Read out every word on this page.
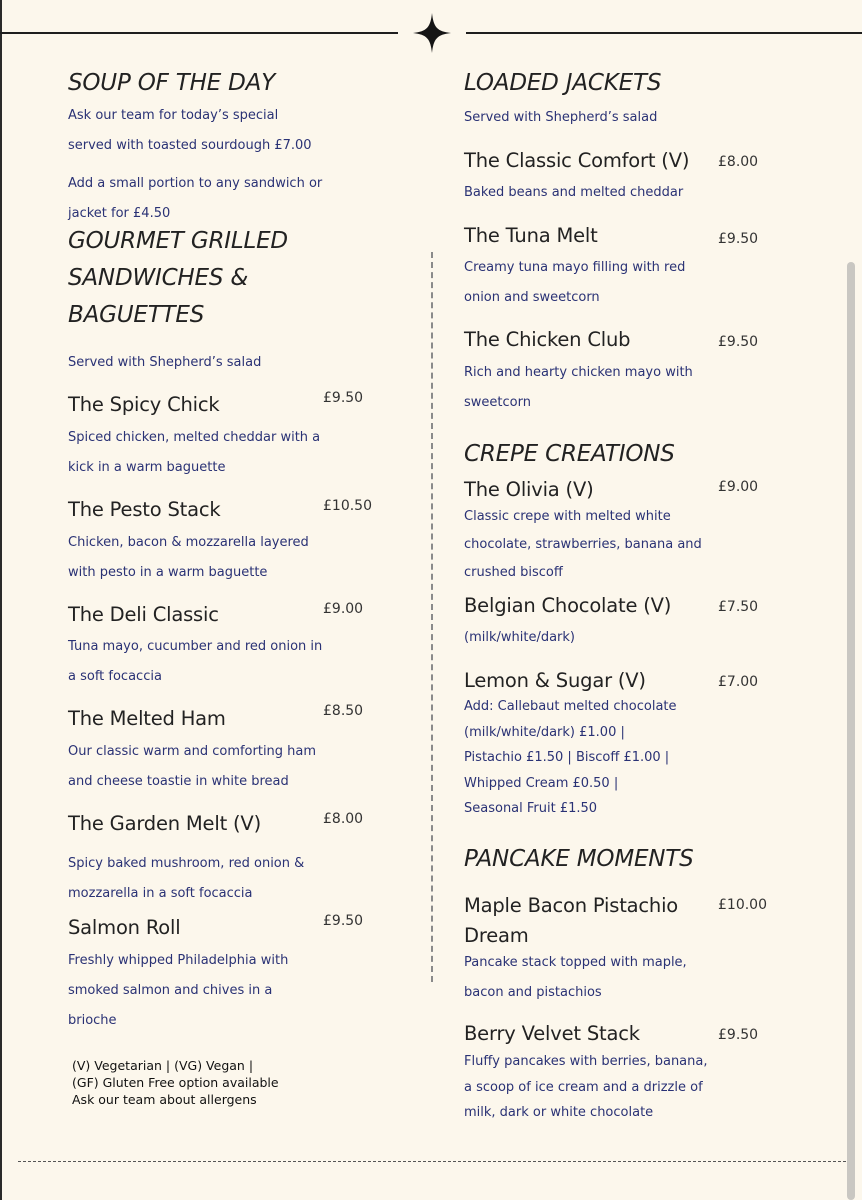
SOUP OF THE DAY

Ask our team for today’s special served with toasted sourdough £7.00

Add a small portion to any sandwich or jacket for £4.50

GOURMET GRILLED
SANDWICHES &
BAGUETTES

Served with Shepherd’s salad

The Spicy Chick	£9.50

Spiced chicken, melted cheddar with a kick in a warm baguette

The Pesto Stack	£10.50

Chicken, bacon & mozzarella layered with pesto in a warm baguette

The Deli Classic	£9.00

Tuna mayo, cucumber and red onion in a soft focaccia

The Melted Ham	£8.50

Our classic warm and comforting ham and cheese toastie in white bread

The Garden Melt (V)	£8.00

Spicy baked mushroom, red onion & mozzarella in a soft focaccia

Salmon Roll	£9.50

Freshly whipped Philadelphia with smoked salmon and chives in a brioche

(V) Vegetarian | (VG) Vegan |
(GF) Gluten Free option available
Ask our team about allergens
LOADED JACKETS

Served with Shepherd’s salad

The Classic Comfort (V) £8.00

Baked beans and melted cheddar

The Tuna Melt	£9.50

Creamy tuna mayo filling with red onion and sweetcorn

The Chicken Club	£9.50

Rich and hearty chicken mayo with sweetcorn

CREPE CREATIONS
The Olivia (V)	£9.00

Classic crepe with melted white chocolate, strawberries, banana and crushed biscoff

Belgian Chocolate (V)	£7.50

(milk/white/dark)

Lemon & Sugar (V)	£7.00
Add: Callebaut melted chocolate
(milk/white/dark) £1.00 |
Pistachio £1.50 | Biscoff £1.00 |
Whipped Cream £0.50 |
Seasonal Fruit £1.50
PANCAKE MOMENTS
Maple Bacon Pistachio Dream
£10.00

Pancake stack topped with maple, bacon and pistachios

Berry Velvet Stack	£9.50

Fluffy pancakes with berries, banana, a scoop of ice cream and a drizzle of milk, dark or white chocolate
